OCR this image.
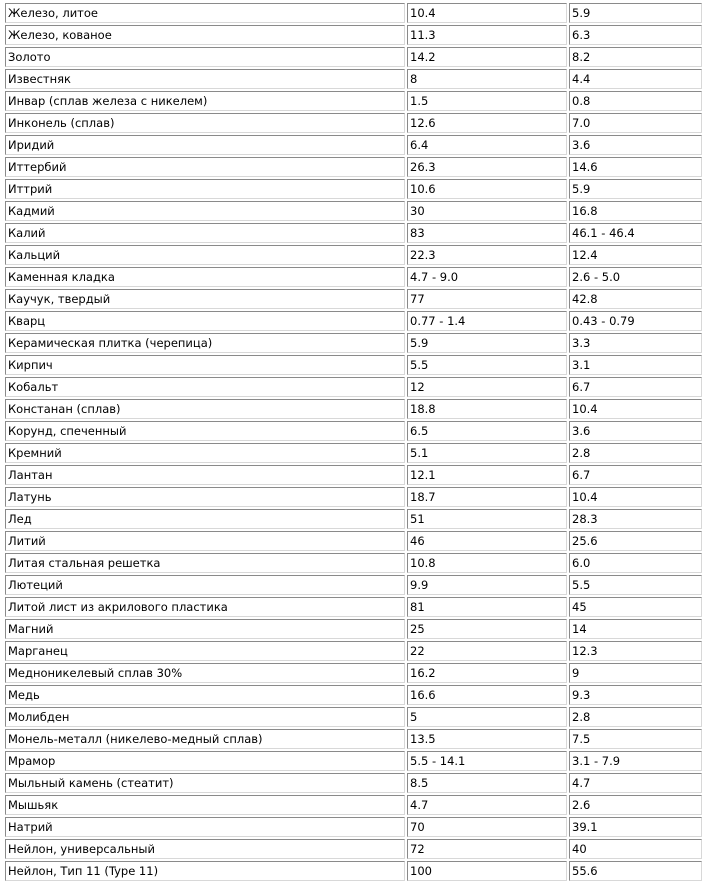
Железо, литое	10.4	5.9
Железо, кованое	11.3	6.3
Золото	14.2	8.2
Известняк	8	4.4
Инвар (сплав железа с никелем)	1.5	0.8
Инконель (сплав)	12.6	7.0
Иридий	6.4	3.6
Иттербий	26.3	14.6
Иттрий	10.6	5.9
Кадмий	30	16.8
Калий	83	46.1 - 46.4
Кальций	22.3	12.4
Каменная кладка	4.7 - 9.0	2.6 - 5.0
Каучук, твердый	77	42.8
Кварц	0.77 - 1.4	0.43 - 0.79
Керамическая плитка (черепица)	5.9	3.3
Кирпич	5.5	3.1
Кобальт	12	6.7
Констанан (сплав)	18.8	10.4
Корунд, спеченный	6.5	3.6
Кремний	5.1	2.8
Лантан	12.1	6.7
Латунь	18.7	10.4
Лед	51	28.3
Литий	46	25.6
Литая стальная решетка	10.8	6.0
Лютеций	9.9	5.5
Литой лист из акрилового пластика	81	45
Магний	25	14
Марганец	22	12.3
Медноникелевый сплав 30%	16.2	9
Медь	16.6	9.3
Молибден	5	2.8
Монель-металл (никелево-медный сплав)	13.5	7.5
Мрамор	5.5 - 14.1	3.1 - 7.9
Мыльный камень (стеатит)	8.5	4.7
Мышьяк	4.7	2.6
Натрий	70	39.1
Нейлон, универсальный	72	40
Нейлон, Тип 11 (Type 11)	100	55.6
